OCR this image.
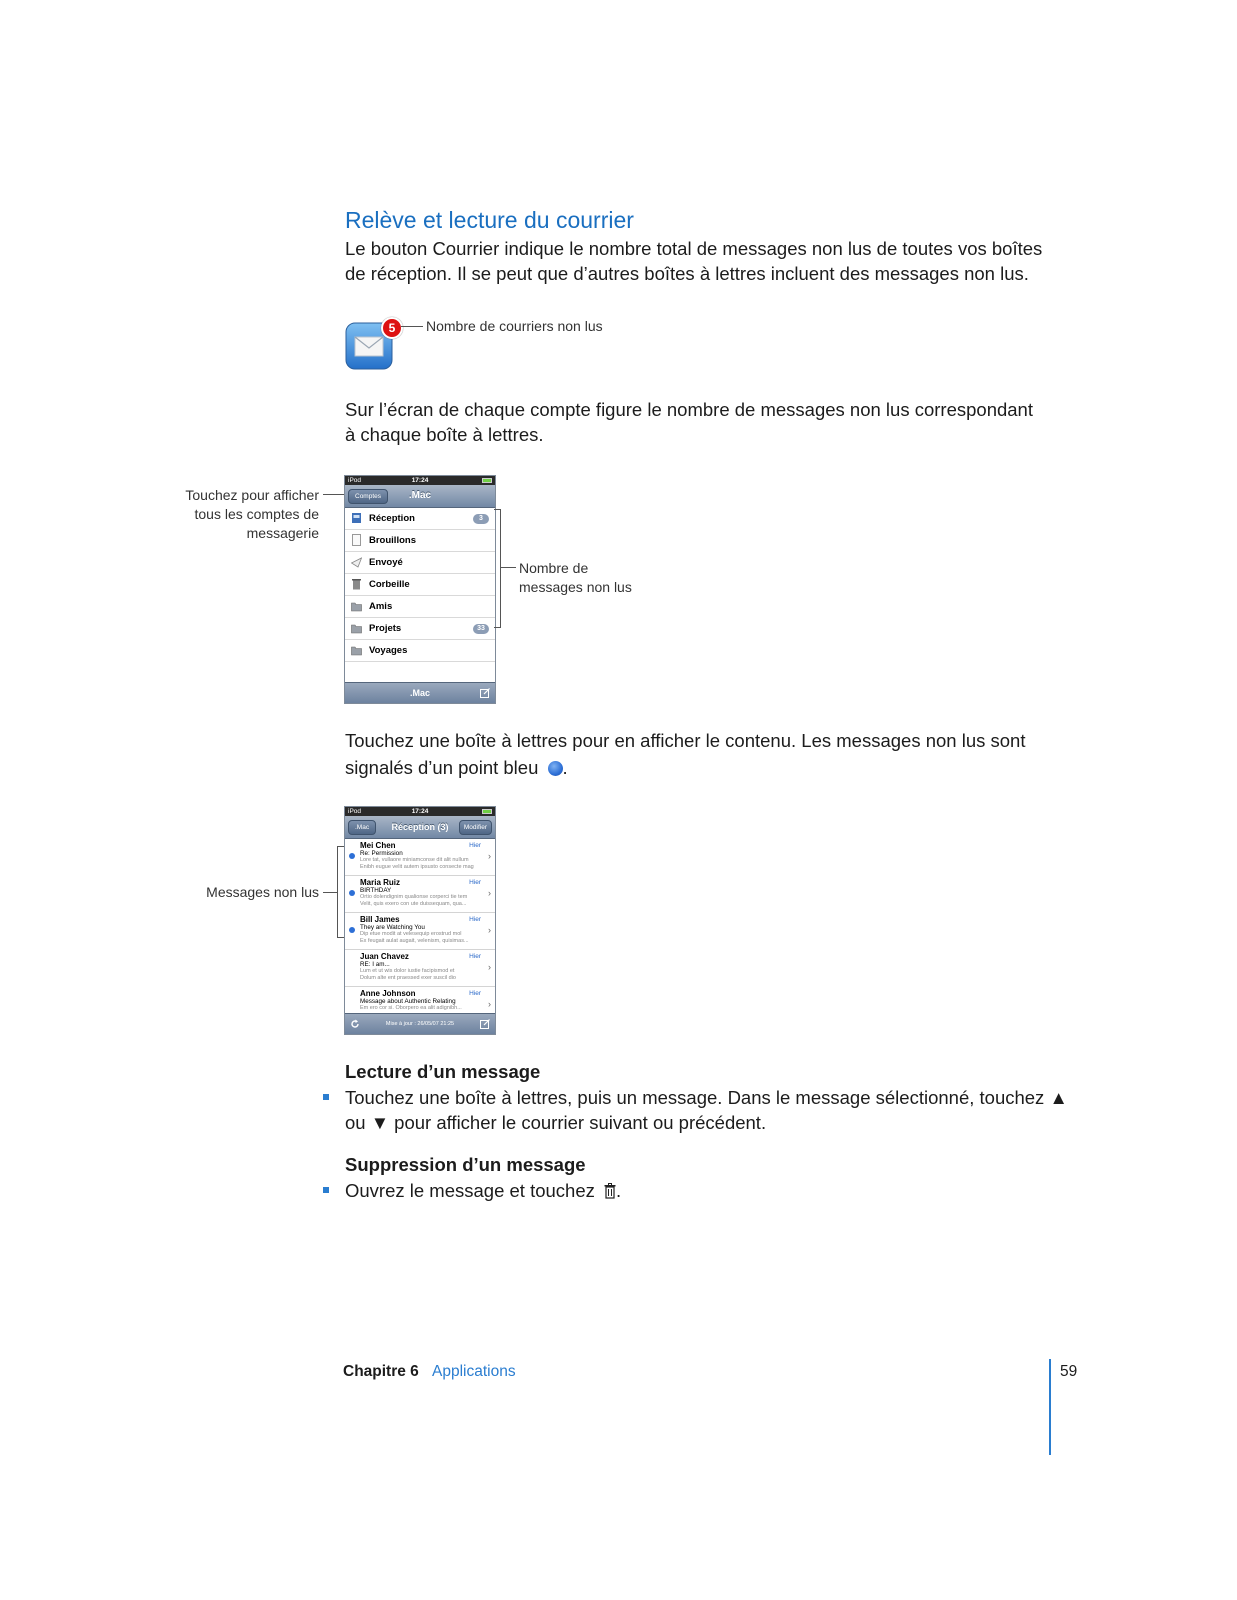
Relève et lecture du courrier
Le bouton Courrier indique le nombre total de messages non lus de toutes vos boîtes
de réception. Il se peut que d’autres boîtes à lettres incluent des messages non lus.
5	Nombre de courriers non lus
Sur l’écran de chaque compte figure le nombre de messages non lus correspondant
à chaque boîte à lettres.
Touchez pour afficher
tous les comptes de
messagerie
iPod	17:24
.Mac
Comptes
Réception	3
Brouillons
Envoyé
Corbeille
Amis
Projets	33
Voyages
.Mac
Nombre de
messages non lus
Touchez une boîte à lettres pour en afficher le contenu. Les messages non lus sont
signalés d’un point bleu .
iPod	17:24
Réception (3)
.Mac	Modifier
Mei Chen	Hier
Re: Permission
Lore tat, vullaore miniamconse dit alit nullum
Enibh eugue velit autem ipsusto consecte mag
›
Maria Ruiz	Hier
BIRTHDAY
Ortio dolendignim qualionse corperci tie tem
Velit, quis exero con ute duissequam, qua...
›
Bill James	Hier
They are Watching You
Dip etue modit at velesequip erostrud mol
Ex feugait aulat augait, velenism, quisimas...
›
Juan Chavez	Hier
RE: I am...
Lum et ut wis dolor iustie facipismod et
Dolum alte ent praessed exer suscil dio
›
Anne Johnson	Hier
Message about Authentic Relating
Em ero cor si. Oborpero ea alit adignibh...	›
Mise à jour : 26/05/07 21:25
Messages non lus
Lecture d’un message
Touchez une boîte à lettres, puis un message. Dans le message sélectionné, touchez ▲
ou ▼ pour afficher le courrier suivant ou précédent.
Suppression d’un message
Ouvrez le message et touchez .
Chapitre 6 Applications	59
